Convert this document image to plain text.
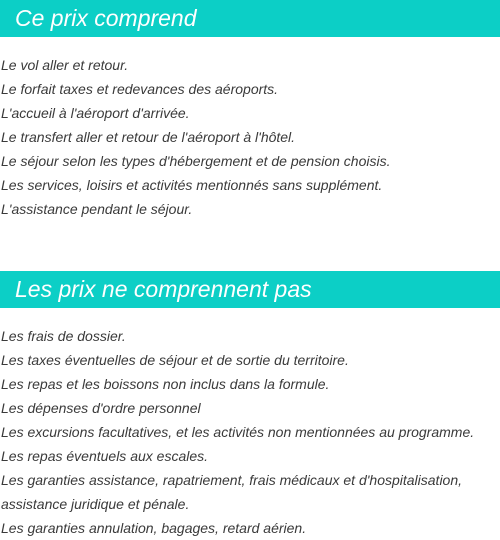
Ce prix comprend
Le vol aller et retour.
Le forfait taxes et redevances des aéroports.
L'accueil à l'aéroport d'arrivée.
Le transfert aller et retour de l'aéroport à l'hôtel.
Le séjour selon les types d'hébergement et de pension choisis.
Les services, loisirs et activités mentionnés sans supplément.
L'assistance pendant le séjour.
Les prix ne comprennent pas
Les frais de dossier.
Les taxes éventuelles de séjour et de sortie du territoire.
Les repas et les boissons non inclus dans la formule.
Les dépenses d'ordre personnel
Les excursions facultatives, et les activités non mentionnées au programme.
Les repas éventuels aux escales.
Les garanties assistance, rapatriement, frais médicaux et d'hospitalisation,
assistance juridique et pénale.
Les garanties annulation, bagages, retard aérien.
